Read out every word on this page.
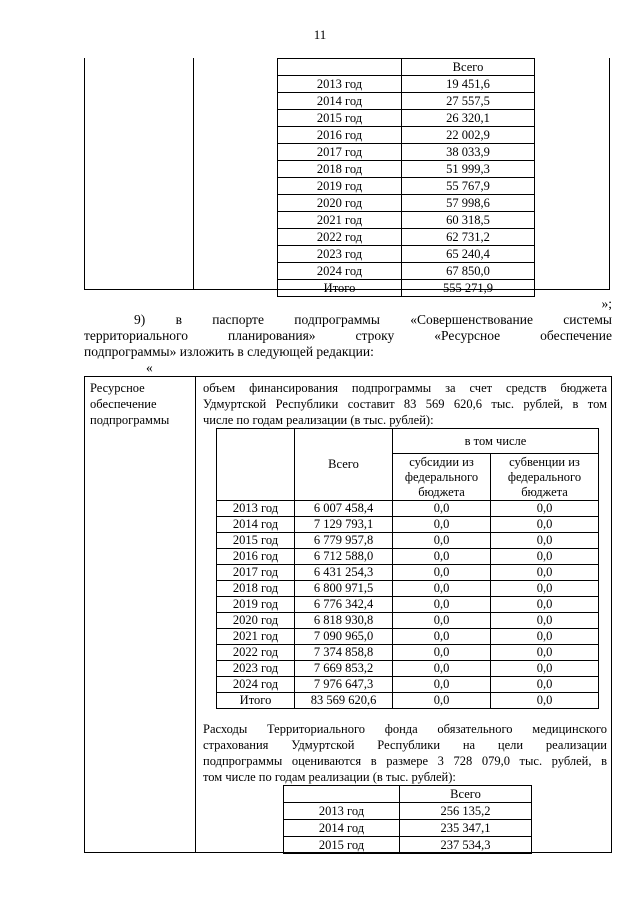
11
	Всего
2013 год	19 451,6
2014 год	27 557,5
2015 год	26 320,1
2016 год	22 002,9
2017 год	38 033,9
2018 год	51 999,3
2019 год	55 767,9
2020 год	57 998,6
2021 год	60 318,5
2022 год	62 731,2
2023 год	65 240,4
2024 год	67 850,0
Итого	555 271,9
»;

9) в паспорте подпрограммы «Совершенствование системы

территориального планирования» строку «Ресурсное обеспечение

подпрограммы» изложить в следующей редакции:

«
Ресурсное
обеспечение
подпрограммы

объем финансирования подпрограммы за счет средств бюджета

Удмуртской Республики составит 83 569 620,6 тыс. рублей, в том

числе по годам реализации (в тыс. рублей):

Расходы Территориального фонда обязательного медицинского

страхования Удмуртской Республики на цели реализации

подпрограммы оцениваются в размере 3 728 079,0 тыс. рублей, в

том числе по годам реализации (в тыс. рублей):

	Всего	в том числе	
		субсидии из федерального бюджета	субвенции из федерального бюджета
2013 год	6 007 458,4	0,0	0,0
2014 год	7 129 793,1	0,0	0,0
2015 год	6 779 957,8	0,0	0,0
2016 год	6 712 588,0	0,0	0,0
2017 год	6 431 254,3	0,0	0,0
2018 год	6 800 971,5	0,0	0,0
2019 год	6 776 342,4	0,0	0,0
2020 год	6 818 930,8	0,0	0,0
2021 год	7 090 965,0	0,0	0,0
2022 год	7 374 858,8	0,0	0,0
2023 год	7 669 853,2	0,0	0,0
2024 год	7 976 647,3	0,0	0,0
Итого	83 569 620,6	0,0	0,0
	Всего
2013 год	256 135,2
2014 год	235 347,1
2015 год	237 534,3
